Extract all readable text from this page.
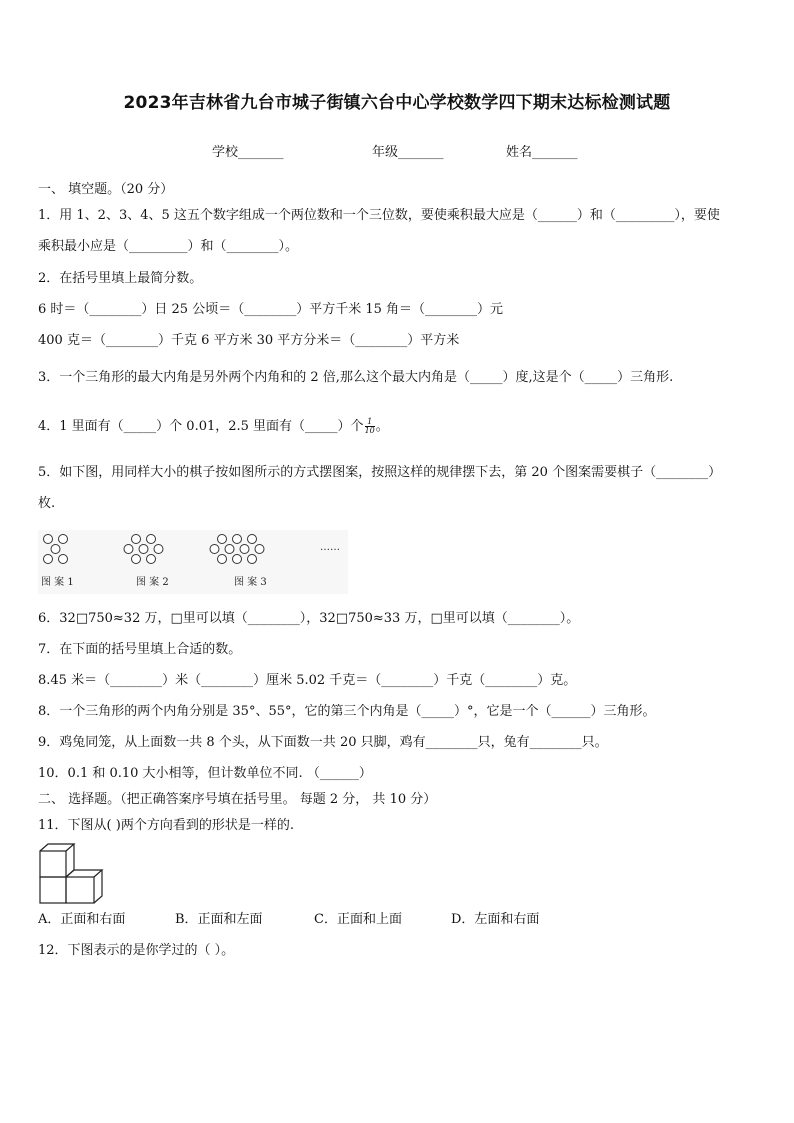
2023年吉林省九台市城子街镇六台中心学校数学四下期末达标检测试题
学校_______	年级_______	姓名_______
一、 填空题。（20 分）
1．用 1、2、3、4、5 这五个数字组成一个两位数和一个三位数，要使乘积最大应是（______）和（_________），要使
乘积最小应是（_________）和（________）。
2．在括号里填上最简分数。
6 时＝（________）日 25 公顷＝（________）平方千米 15 角＝（________）元
400 克＝（________）千克 6 平方米 30 平方分米＝（________）平方米
3．一个三角形的最大内角是另外两个内角和的 2 倍,那么这个最大内角是（_____）度,这是个（_____）三角形.
4．1 里面有（_____）个 0.01，2.5 里面有（_____）个 $\frac{1}{10}$ 。
5．如下图，用同样大小的棋子按如图所示的方式摆图案，按照这样的规律摆下去，第 20 个图案需要棋子（________）
枚.
图 案 1	图 案 2	图 案 3
……
6．32□750≈32 万，□里可以填（________），32□750≈33 万，□里可以填（________）。
7．在下面的括号里填上合适的数。
8.45 米＝（________）米（________）厘米 5.02 千克＝（________）千克（________）克。
8．一个三角形的两个内角分别是 35°、55°，它的第三个内角是（_____）°，它是一个（______）三角形。
9．鸡兔同笼，从上面数一共 8 个头，从下面数一共 20 只脚，鸡有________只，兔有________只。
10．0.1 和 0.10 大小相等，但计数单位不同. （______）
二、 选择题。（把正确答案序号填在括号里。 每题 2 分， 共 10 分）
11．下图从( )两个方向看到的形状是一样的.
A．正面和右面	B．正面和左面	C．正面和上面	D．左面和右面
12．下图表示的是你学过的（ ）。
